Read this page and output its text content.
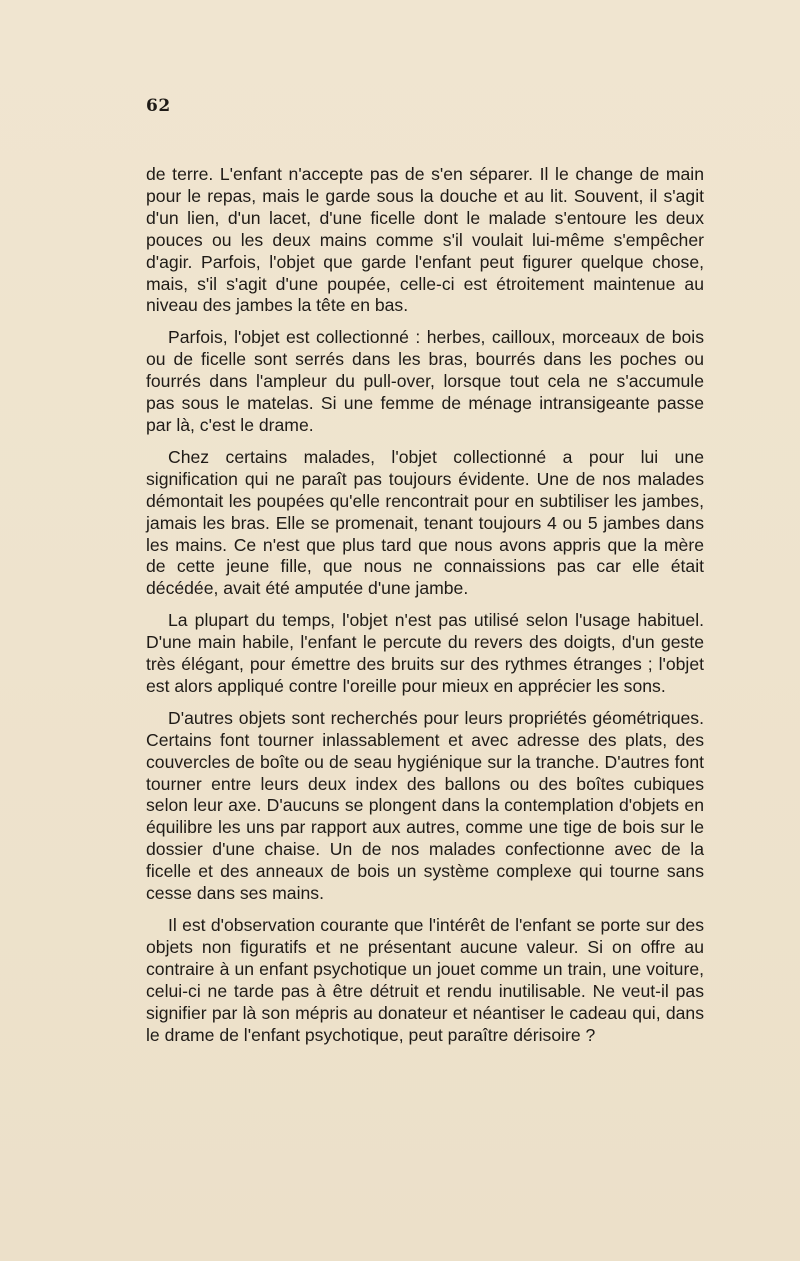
62

de terre. L'enfant n'accepte pas de s'en séparer. Il le change de main pour le repas, mais le garde sous la douche et au lit. Souvent, il s'agit d'un lien, d'un lacet, d'une ficelle dont le malade s'entoure les deux pouces ou les deux mains comme s'il voulait lui-même s'empêcher d'agir. Parfois, l'objet que garde l'enfant peut figurer quelque chose, mais, s'il s'agit d'une poupée, celle-ci est étroitement maintenue au niveau des jambes la tête en bas.

Parfois, l'objet est collectionné : herbes, cailloux, morceaux de bois ou de ficelle sont serrés dans les bras, bourrés dans les poches ou fourrés dans l'ampleur du pull-over, lorsque tout cela ne s'accumule pas sous le matelas. Si une femme de ménage intransigeante passe par là, c'est le drame.

Chez certains malades, l'objet collectionné a pour lui une signification qui ne paraît pas toujours évidente. Une de nos malades démontait les poupées qu'elle rencontrait pour en subtiliser les jambes, jamais les bras. Elle se promenait, tenant toujours 4 ou 5 jambes dans les mains. Ce n'est que plus tard que nous avons appris que la mère de cette jeune fille, que nous ne connaissions pas car elle était décédée, avait été amputée d'une jambe.

La plupart du temps, l'objet n'est pas utilisé selon l'usage habituel. D'une main habile, l'enfant le percute du revers des doigts, d'un geste très élégant, pour émettre des bruits sur des rythmes étranges ; l'objet est alors appliqué contre l'oreille pour mieux en apprécier les sons.

D'autres objets sont recherchés pour leurs propriétés géométriques. Certains font tourner inlassablement et avec adresse des plats, des couvercles de boîte ou de seau hygiénique sur la tranche. D'autres font tourner entre leurs deux index des ballons ou des boîtes cubiques selon leur axe. D'aucuns se plongent dans la contemplation d'objets en équilibre les uns par rapport aux autres, comme une tige de bois sur le dossier d'une chaise. Un de nos malades confectionne avec de la ficelle et des anneaux de bois un système complexe qui tourne sans cesse dans ses mains.

Il est d'observation courante que l'intérêt de l'enfant se porte sur des objets non figuratifs et ne présentant aucune valeur. Si on offre au contraire à un enfant psychotique un jouet comme un train, une voiture, celui-ci ne tarde pas à être détruit et rendu inutilisable. Ne veut-il pas signifier par là son mépris au donateur et néantiser le cadeau qui, dans le drame de l'enfant psychotique, peut paraître dérisoire ?
